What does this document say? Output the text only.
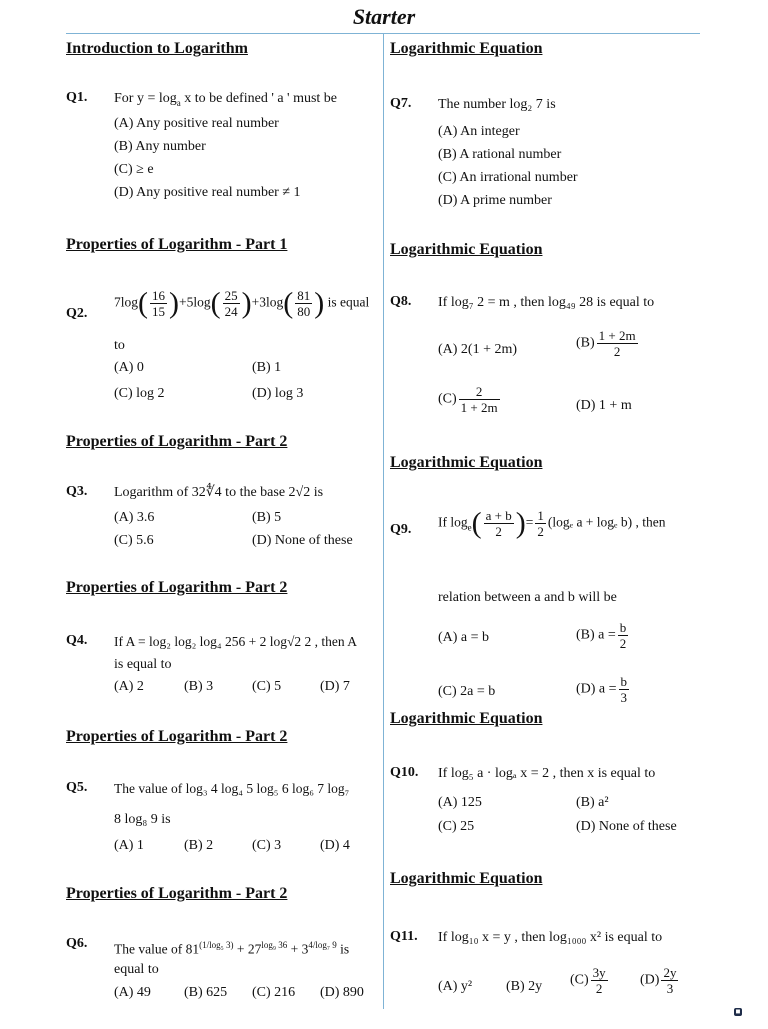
Starter
Introduction to Logarithm
Q1. For $y = \log_a x$ to be defined ' a ' must be
(A) Any positive real number
(B) Any number
(C) ≥ e
(D) Any positive real number ≠ 1
Properties of Logarithm - Part 1
Q2.
$7\log( \frac{16}{15} )+5\log( \frac{25}{24} )+3\log( \frac{81}{80}$ ) is equal
to
(A) 0	(B) 1
(C) log 2	(D) log 3
Properties of Logarithm - Part 2
Q3. Logarithm of 32∜4 to the base 2√2 is
(A) 3.6	(B) 5
(C) 5.6	(D) None of these
Properties of Logarithm - Part 2
Q4. If A = log₂ log₂ log₄ 256 + 2 log√2 2 , then A
is equal to
(A) 2	(B) 3	(C) 5	(D) 7
Properties of Logarithm - Part 2
Q5. The value of log₃ 4 log₄ 5 log₅ 6 log₆ 7 log₇
8 log₈ 9 is
(A) 1	(B) 2	(C) 3	(D) 4
Properties of Logarithm - Part 2
Q6. The value of $81^{(1/log_5 3)} + 27^{log_9 36} + 3^{4/log_7 9}$ is
equal to
(A) 49 (B) 625 (C) 216 (D) 890
Logarithmic Equation
Q7. The number log₂ 7 is
(A) An integer
(B) A rational number
(C) An irrational number
(D) A prime number
Logarithmic Equation
Q8. If log₇ 2 = m , then log₄₉ 28 is equal to
(A) 2(1 + 2m)	$(B) \frac{1 + 2m}{2}$
$(C) \frac{2}{1 + 2m}$	(D) 1 + m
Logarithmic Equation
Q9. If $\log_e( \frac{a + b}{2}$ )= $\frac{1}{2} (\log_e$ a + logₑ b) , then
relation between a and b will be
(A) a = b	(B) $a = \frac{b}{2}$
(C) 2a = b	(D) $a = \frac{b}{3}$
Logarithmic Equation
Q10. If log₅ a · logₐ x = 2 , then x is equal to
(A) 125	(B) a²
(C) 25	(D) None of these
Logarithmic Equation
Q11. If log₁₀ x = y , then log₁₀₀₀ x² is equal to
(A) y² (B) 2y $(C) \frac{3y}{2} (D) \frac{2y}{3}$
◼
